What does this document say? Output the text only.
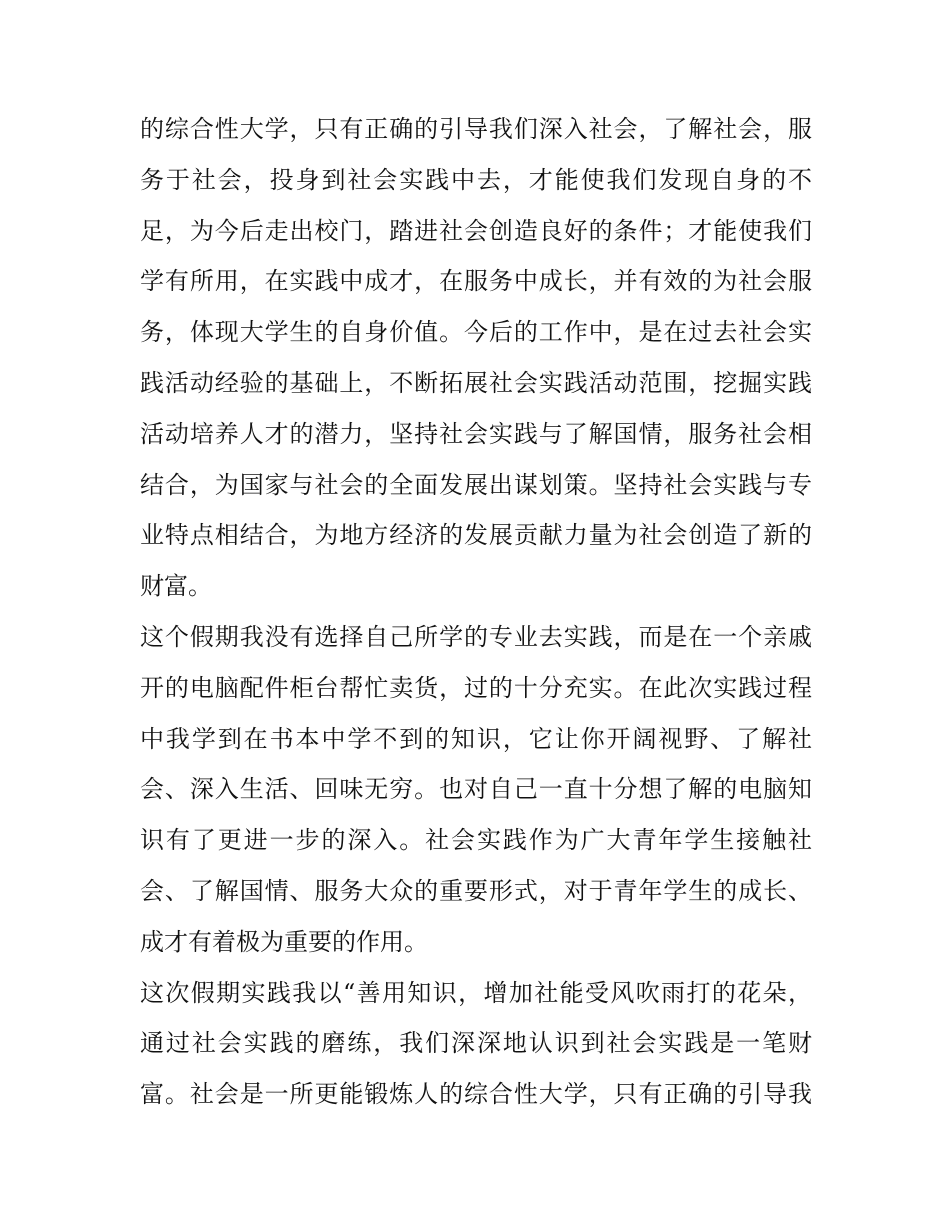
的综合性大学，只有正确的引导我们深入社会，了解社会，服
务于社会，投身到社会实践中去，才能使我们发现自身的不
足，为今后走出校门，踏进社会创造良好的条件；才能使我们
学有所用，在实践中成才，在服务中成长，并有效的为社会服
务，体现大学生的自身价值。今后的工作中，是在过去社会实
践活动经验的基础上，不断拓展社会实践活动范围，挖掘实践
活动培养人才的潜力，坚持社会实践与了解国情，服务社会相
结合，为国家与社会的全面发展出谋划策。坚持社会实践与专
业特点相结合，为地方经济的发展贡献力量为社会创造了新的
财富。
这个假期我没有选择自己所学的专业去实践，而是在一个亲戚
开的电脑配件柜台帮忙卖货，过的十分充实。在此次实践过程
中我学到在书本中学不到的知识，它让你开阔视野、了解社
会、深入生活、回味无穷。也对自己一直十分想了解的电脑知
识有了更进一步的深入。社会实践作为广大青年学生接触社
会、了解国情、服务大众的重要形式，对于青年学生的成长、
成才有着极为重要的作用。
这次假期实践我以“善用知识，增加社能受风吹雨打的花朵，
通过社会实践的磨练，我们深深地认识到社会实践是一笔财
富。社会是一所更能锻炼人的综合性大学，只有正确的引导我
